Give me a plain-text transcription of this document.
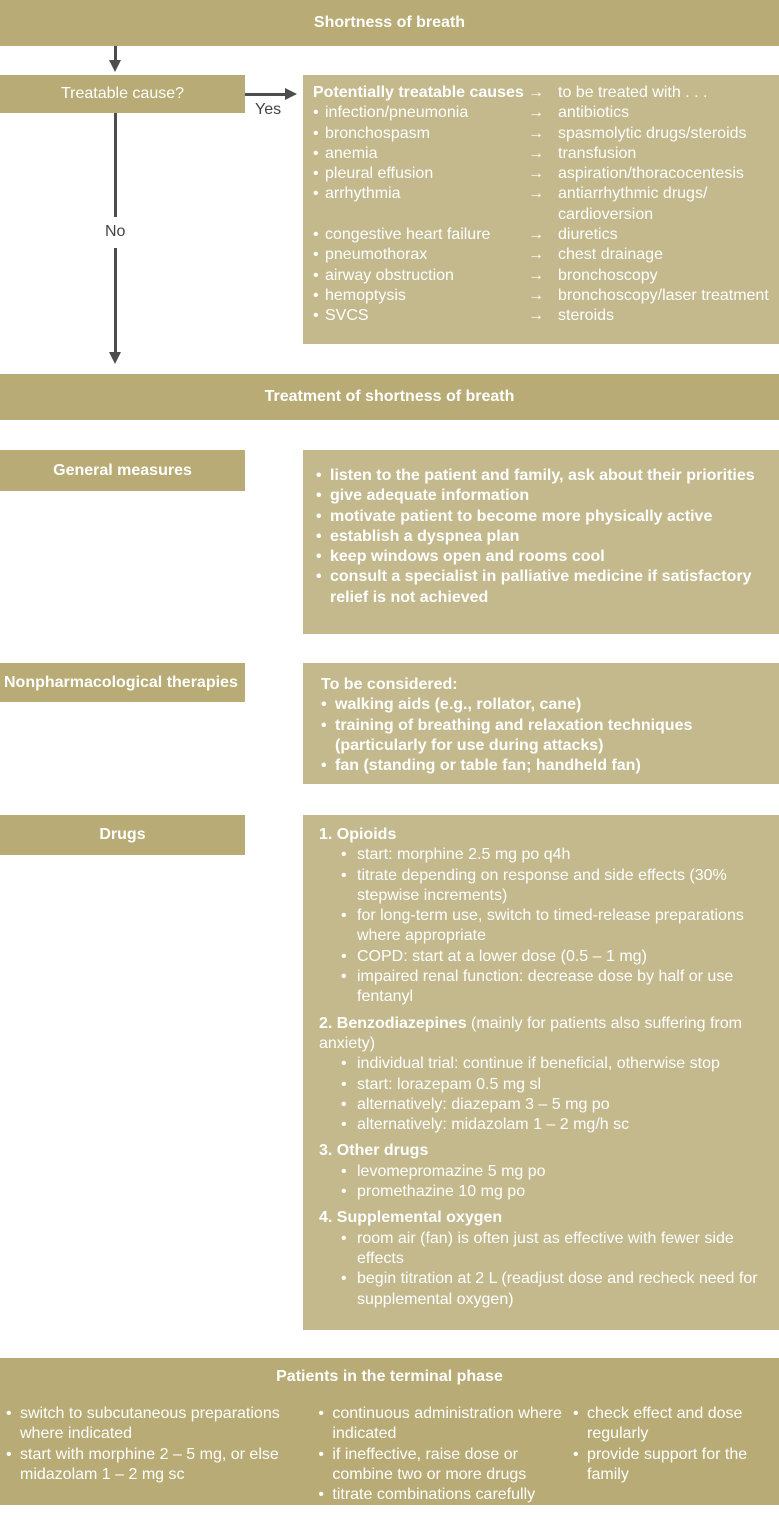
Shortness of breath
Treatable cause?
Yes
No
Potentially treatable causes → to be treated with . . .
• infection/pneumonia	→ antibiotics
• bronchospasm	→ spasmolytic drugs/steroids
• anemia	→ transfusion
• pleural effusion	→ aspiration/thoracocentesis
• arrhythmia	→ antiarrhythmic drugs/ cardioversion
• congestive heart failure	→ diuretics
• pneumothorax	→ chest drainage
• airway obstruction	→ bronchoscopy
• hemoptysis	→ bronchoscopy/laser treatment
• SVCS	→ steroids
Treatment of shortness of breath
General measures
•	listen to the patient and family, ask about their priorities
• give adequate information
• motivate patient to become more physically active
• establish a dyspnea plan
• keep windows open and rooms cool
• consult a specialist in palliative medicine if satisfactory relief is not achieved
Nonpharmacological therapies	To be considered:
• walking aids (e.g., rollator, cane)
• training of breathing and relaxation techniques (particularly for use during attacks)
• fan (standing or table fan; handheld fan)
Drugs	1. Opioids
• start: morphine 2.5 mg po q4h
• titrate depending on response and side effects (30% stepwise increments)
• for long-term use, switch to timed-release preparations where appropriate
• COPD: start at a lower dose (0.5 – 1 mg)
• impaired renal function: decrease dose by half or use fentanyl
2. Benzodiazepines (mainly for patients also suffering from anxiety)
• individual trial: continue if beneficial, otherwise stop
• start: lorazepam 0.5 mg sl
• alternatively: diazepam 3 – 5 mg po
• alternatively: midazolam 1 – 2 mg/h sc
3. Other drugs
• levomepromazine 5 mg po
• promethazine 10 mg po
4. Supplemental oxygen
• room air (fan) is often just as effective with fewer side effects
• begin titration at 2 L (readjust dose and recheck need for supplemental oxygen)
Patients in the terminal phase
• switch to subcutaneous preparations where indicated
• start with morphine 2 – 5 mg, or else midazolam 1 – 2 mg sc
• continuous administration where indicated
• if ineffective, raise dose or combine two or more drugs
• titrate combinations carefully
• check effect and dose regularly
• provide support for the family
